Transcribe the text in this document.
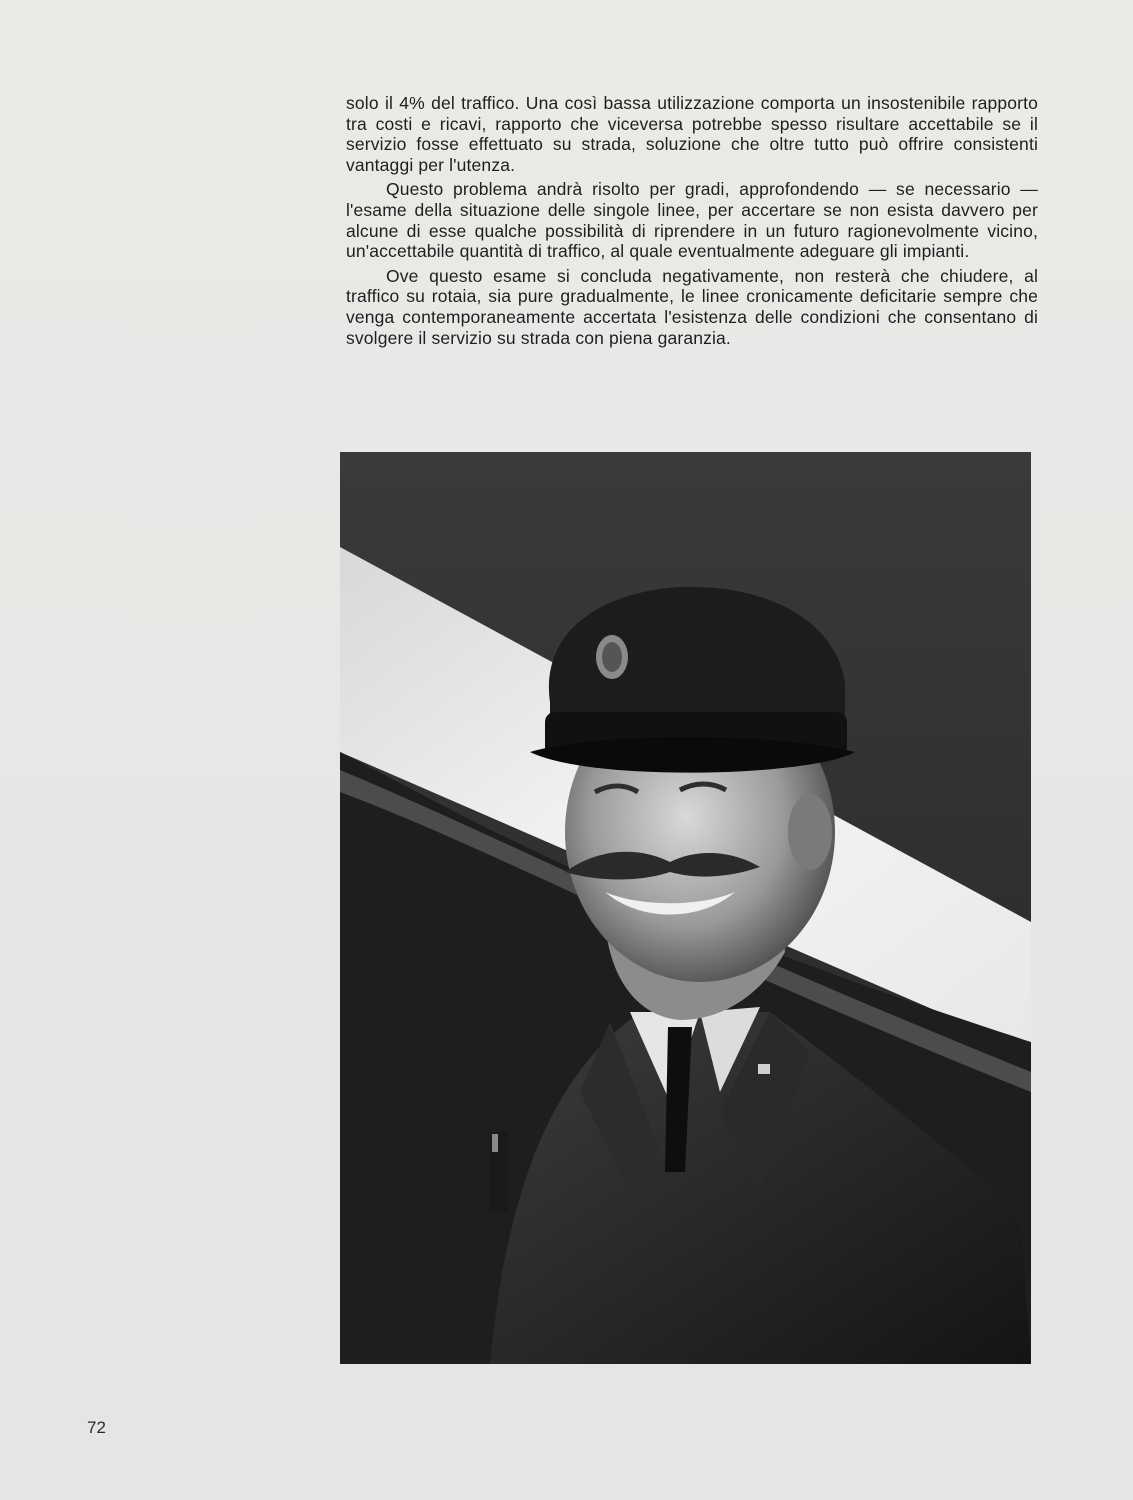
solo il 4% del traffico. Una così bassa utilizzazione comporta un insostenibile rapporto tra costi e ricavi, rapporto che viceversa potrebbe spesso risultare accettabile se il servizio fosse effettuato su strada, soluzione che oltre tutto può offrire consistenti vantaggi per l'utenza.

Questo problema andrà risolto per gradi, approfondendo — se necessario — l'esame della situazione delle singole linee, per accertare se non esista davvero per alcune di esse qualche possibilità di riprendere in un futuro ragionevolmente vicino, un'accettabile quantità di traffico, al quale eventualmente adeguare gli impianti.

Ove questo esame si concluda negativamente, non resterà che chiudere, al traffico su rotaia, sia pure gradualmente, le linee cronicamente deficitarie sempre che venga contemporaneamente accertata l'esistenza delle condizioni che consentano di svolgere il servizio su strada con piena garanzia.

72
